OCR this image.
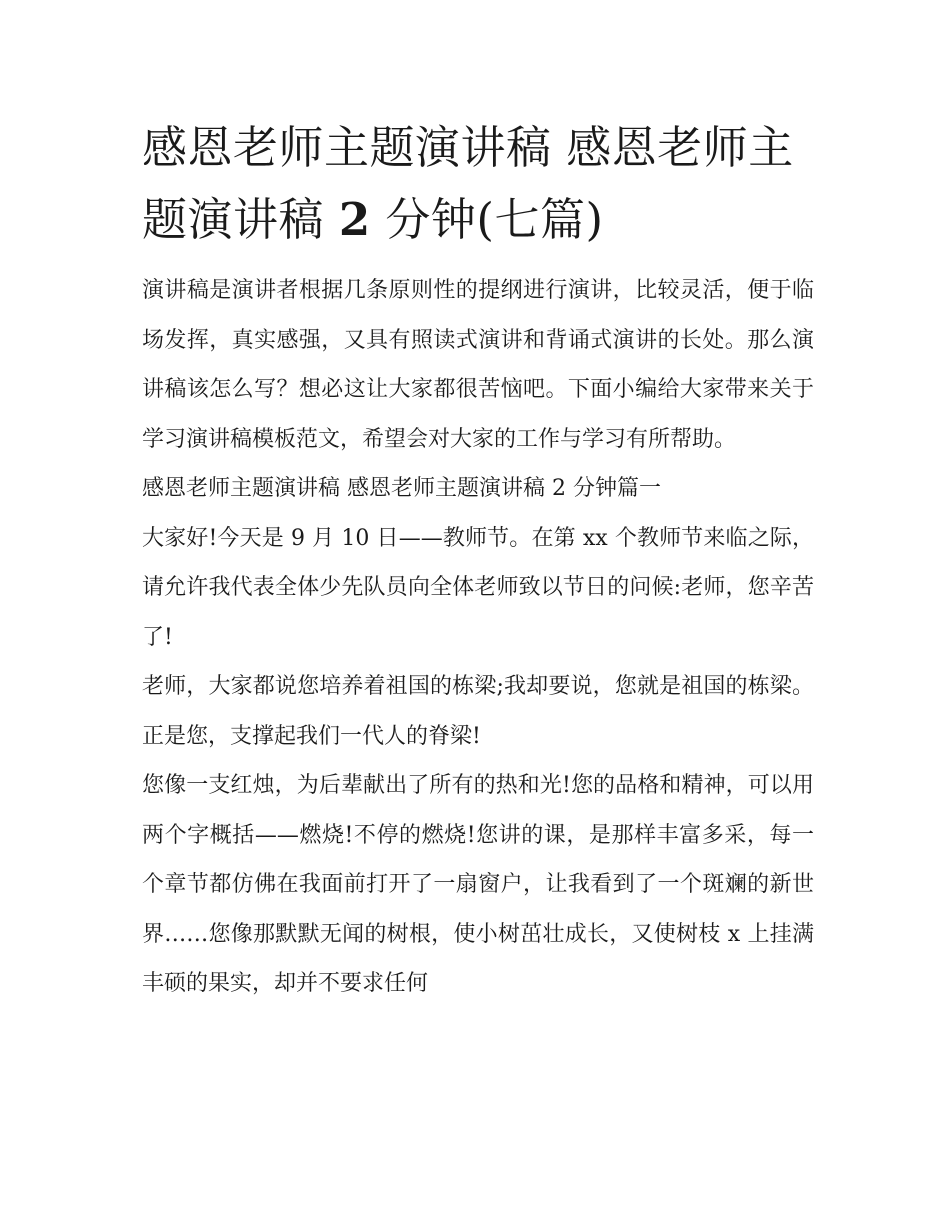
感恩老师主题演讲稿 感恩老师主题演讲稿 2 分钟(七篇)

演讲稿是演讲者根据几条原则性的提纲进行演讲，比较灵活，便于临场发挥，真实感强，又具有照读式演讲和背诵式演讲的长处。那么演讲稿该怎么写？想必这让大家都很苦恼吧。下面小编给大家带来关于学习演讲稿模板范文，希望会对大家的工作与学习有所帮助。

感恩老师主题演讲稿 感恩老师主题演讲稿 2 分钟篇一

大家好!今天是 9 月 10 日——教师节。在第 xx 个教师节来临之际，请允许我代表全体少先队员向全体老师致以节日的问候:老师，您辛苦了!

老师，大家都说您培养着祖国的栋梁;我却要说，您就是祖国的栋梁。正是您，支撑起我们一代人的脊梁!

您像一支红烛，为后辈献出了所有的热和光!您的品格和精神，可以用两个字概括——燃烧!不停的燃烧!您讲的课，是那样丰富多采，每一个章节都仿佛在我面前打开了一扇窗户，让我看到了一个斑斓的新世界……您像那默默无闻的树根，使小树茁壮成长，又使树枝 x 上挂满丰硕的果实，却并不要求任何
